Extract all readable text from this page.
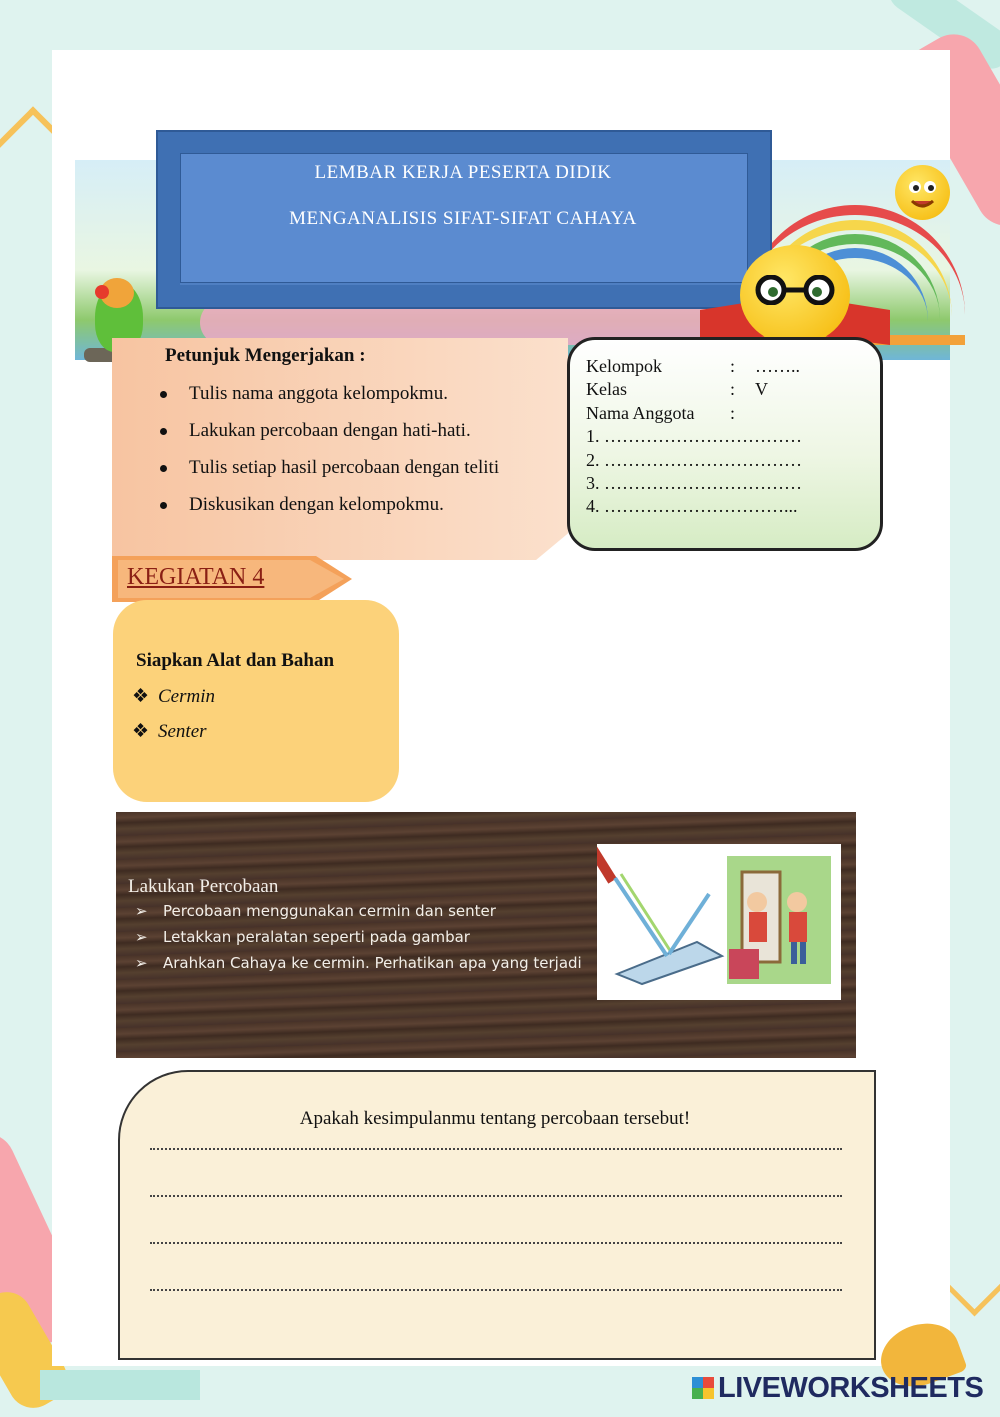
LEMBAR KERJA PESERTA DIDIK
MENGANALISIS SIFAT-SIFAT CAHAYA
Petunjuk Mengerjakan :
Tulis nama anggota kelompokmu.
Lakukan percobaan dengan hati-hati.
Tulis setiap hasil percobaan dengan teliti
Diskusikan dengan kelompokmu.
Kelompok	: ……..
Kelas	: V
Nama Anggota :
1. ……………………………
2. ……………………………
3. ……………………………
4. …………………………...
KEGIATAN 4
Siapkan Alat dan Bahan
❖ Cermin
❖ Senter
Lakukan Percobaan
➢ Percobaan menggunakan cermin dan senter
➢ Letakkan peralatan seperti pada gambar
➢ Arahkan Cahaya ke cermin. Perhatikan apa yang terjadi
Apakah kesimpulanmu tentang percobaan tersebut!
LIVEWORKSHEETS
